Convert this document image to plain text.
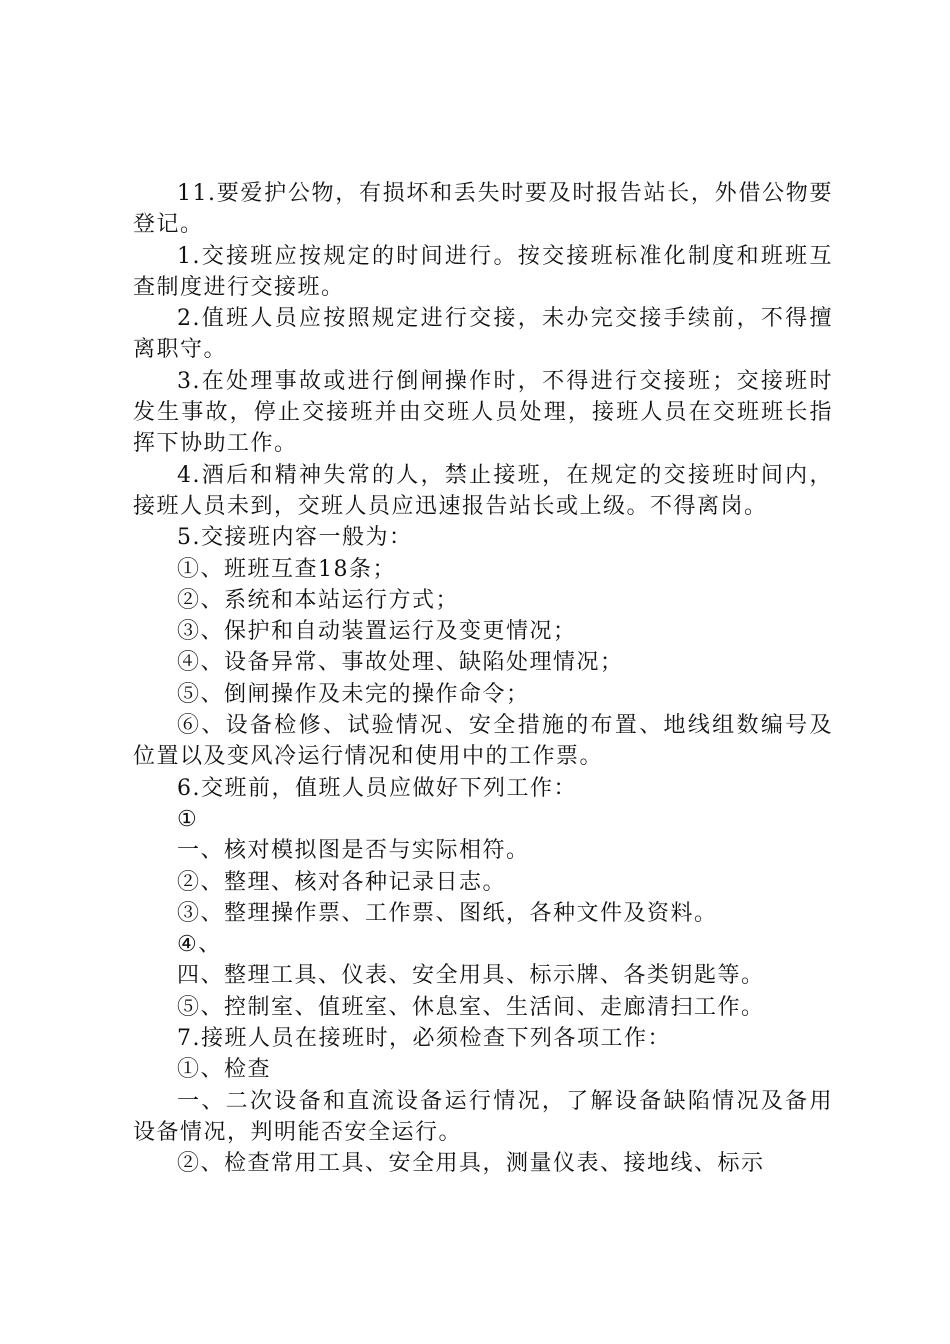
11.要爱护公物，有损坏和丢失时要及时报告站长，外借公物要登记。

1.交接班应按规定的时间进行。按交接班标准化制度和班班互查制度进行交接班。

2.值班人员应按照规定进行交接，未办完交接手续前，不得擅离职守。

3.在处理事故或进行倒闸操作时，不得进行交接班；交接班时发生事故，停止交接班并由交班人员处理，接班人员在交班班长指挥下协助工作。

4.酒后和精神失常的人，禁止接班，在规定的交接班时间内，接班人员未到，交班人员应迅速报告站长或上级。不得离岗。

5.交接班内容一般为：

①、班班互查18条；

②、系统和本站运行方式；

③、保护和自动装置运行及变更情况；

④、设备异常、事故处理、缺陷处理情况；

⑤、倒闸操作及未完的操作命令；

⑥、设备检修、试验情况、安全措施的布置、地线组数编号及位置以及变风冷运行情况和使用中的工作票。

6.交班前，值班人员应做好下列工作：

①

一、核对模拟图是否与实际相符。

②、整理、核对各种记录日志。

③、整理操作票、工作票、图纸，各种文件及资料。

④、

四、整理工具、仪表、安全用具、标示牌、各类钥匙等。

⑤、控制室、值班室、休息室、生活间、走廊清扫工作。

7.接班人员在接班时，必须检查下列各项工作：

①、检查

一、二次设备和直流设备运行情况，了解设备缺陷情况及备用设备情况，判明能否安全运行。

②、检查常用工具、安全用具，测量仪表、接地线、标示
